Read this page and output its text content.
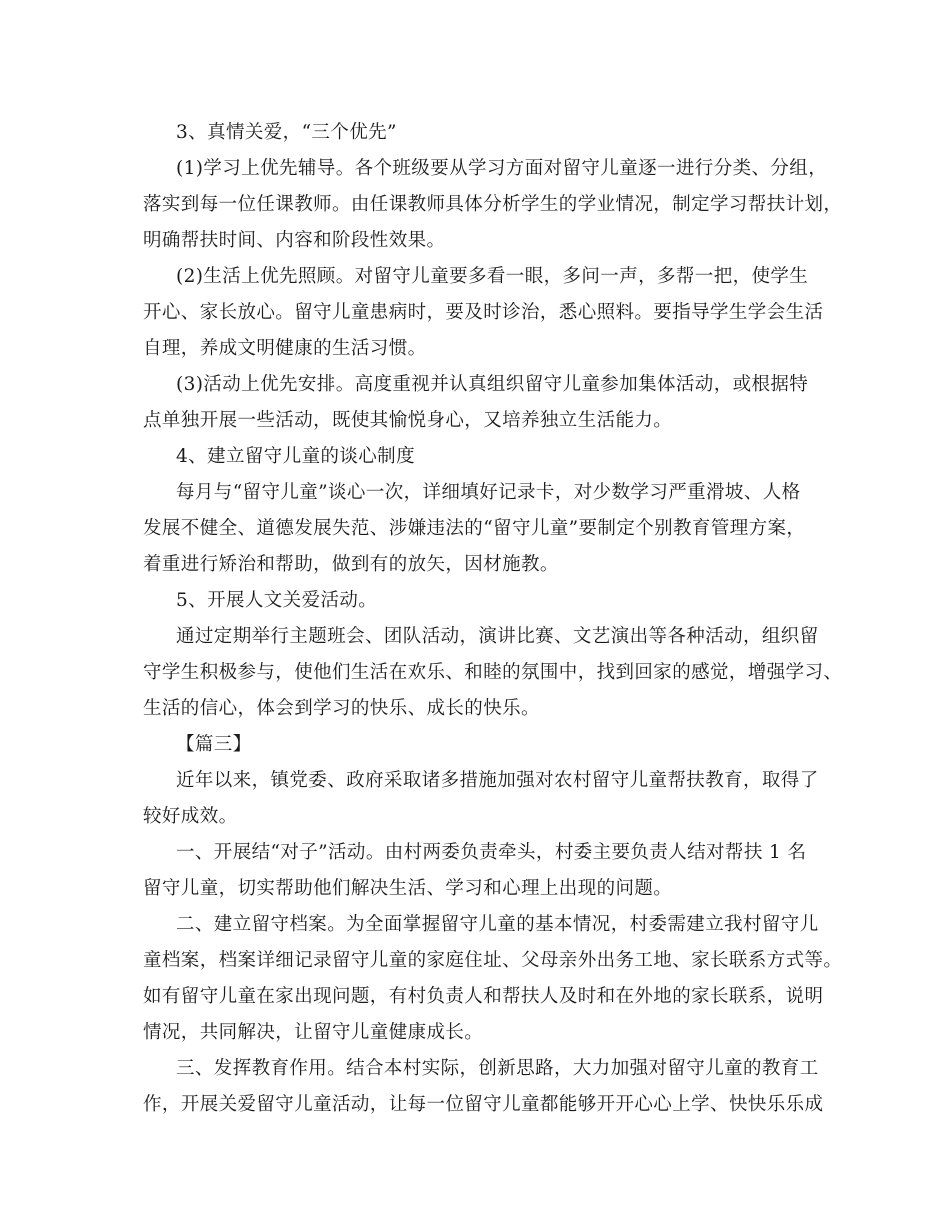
3、真情关爱，“三个优先”
(1)学习上优先辅导。各个班级要从学习方面对留守儿童逐一进行分类、分组，
落实到每一位任课教师。由任课教师具体分析学生的学业情况，制定学习帮扶计划，
明确帮扶时间、内容和阶段性效果。
(2)生活上优先照顾。对留守儿童要多看一眼，多问一声，多帮一把，使学生
开心、家长放心。留守儿童患病时，要及时诊治，悉心照料。要指导学生学会生活
自理，养成文明健康的生活习惯。
(3)活动上优先安排。高度重视并认真组织留守儿童参加集体活动，或根据特
点单独开展一些活动，既使其愉悦身心，又培养独立生活能力。
4、建立留守儿童的谈心制度
每月与“留守儿童”谈心一次，详细填好记录卡，对少数学习严重滑坡、人格
发展不健全、道德发展失范、涉嫌违法的“留守儿童”要制定个别教育管理方案，
着重进行矫治和帮助，做到有的放矢，因材施教。
5、开展人文关爱活动。
通过定期举行主题班会、团队活动，演讲比赛、文艺演出等各种活动，组织留
守学生积极参与，使他们生活在欢乐、和睦的氛围中，找到回家的感觉，增强学习、
生活的信心，体会到学习的快乐、成长的快乐。
【篇三】
近年以来，镇党委、政府采取诸多措施加强对农村留守儿童帮扶教育，取得了
较好成效。
一、开展结“对子”活动。由村两委负责牵头，村委主要负责人结对帮扶 1 名
留守儿童，切实帮助他们解决生活、学习和心理上出现的问题。
二、建立留守档案。为全面掌握留守儿童的基本情况，村委需建立我村留守儿
童档案，档案详细记录留守儿童的家庭住址、父母亲外出务工地、家长联系方式等。
如有留守儿童在家出现问题，有村负责人和帮扶人及时和在外地的家长联系，说明
情况，共同解决，让留守儿童健康成长。
三、发挥教育作用。结合本村实际，创新思路，大力加强对留守儿童的教育工
作，开展关爱留守儿童活动，让每一位留守儿童都能够开开心心上学、快快乐乐成
